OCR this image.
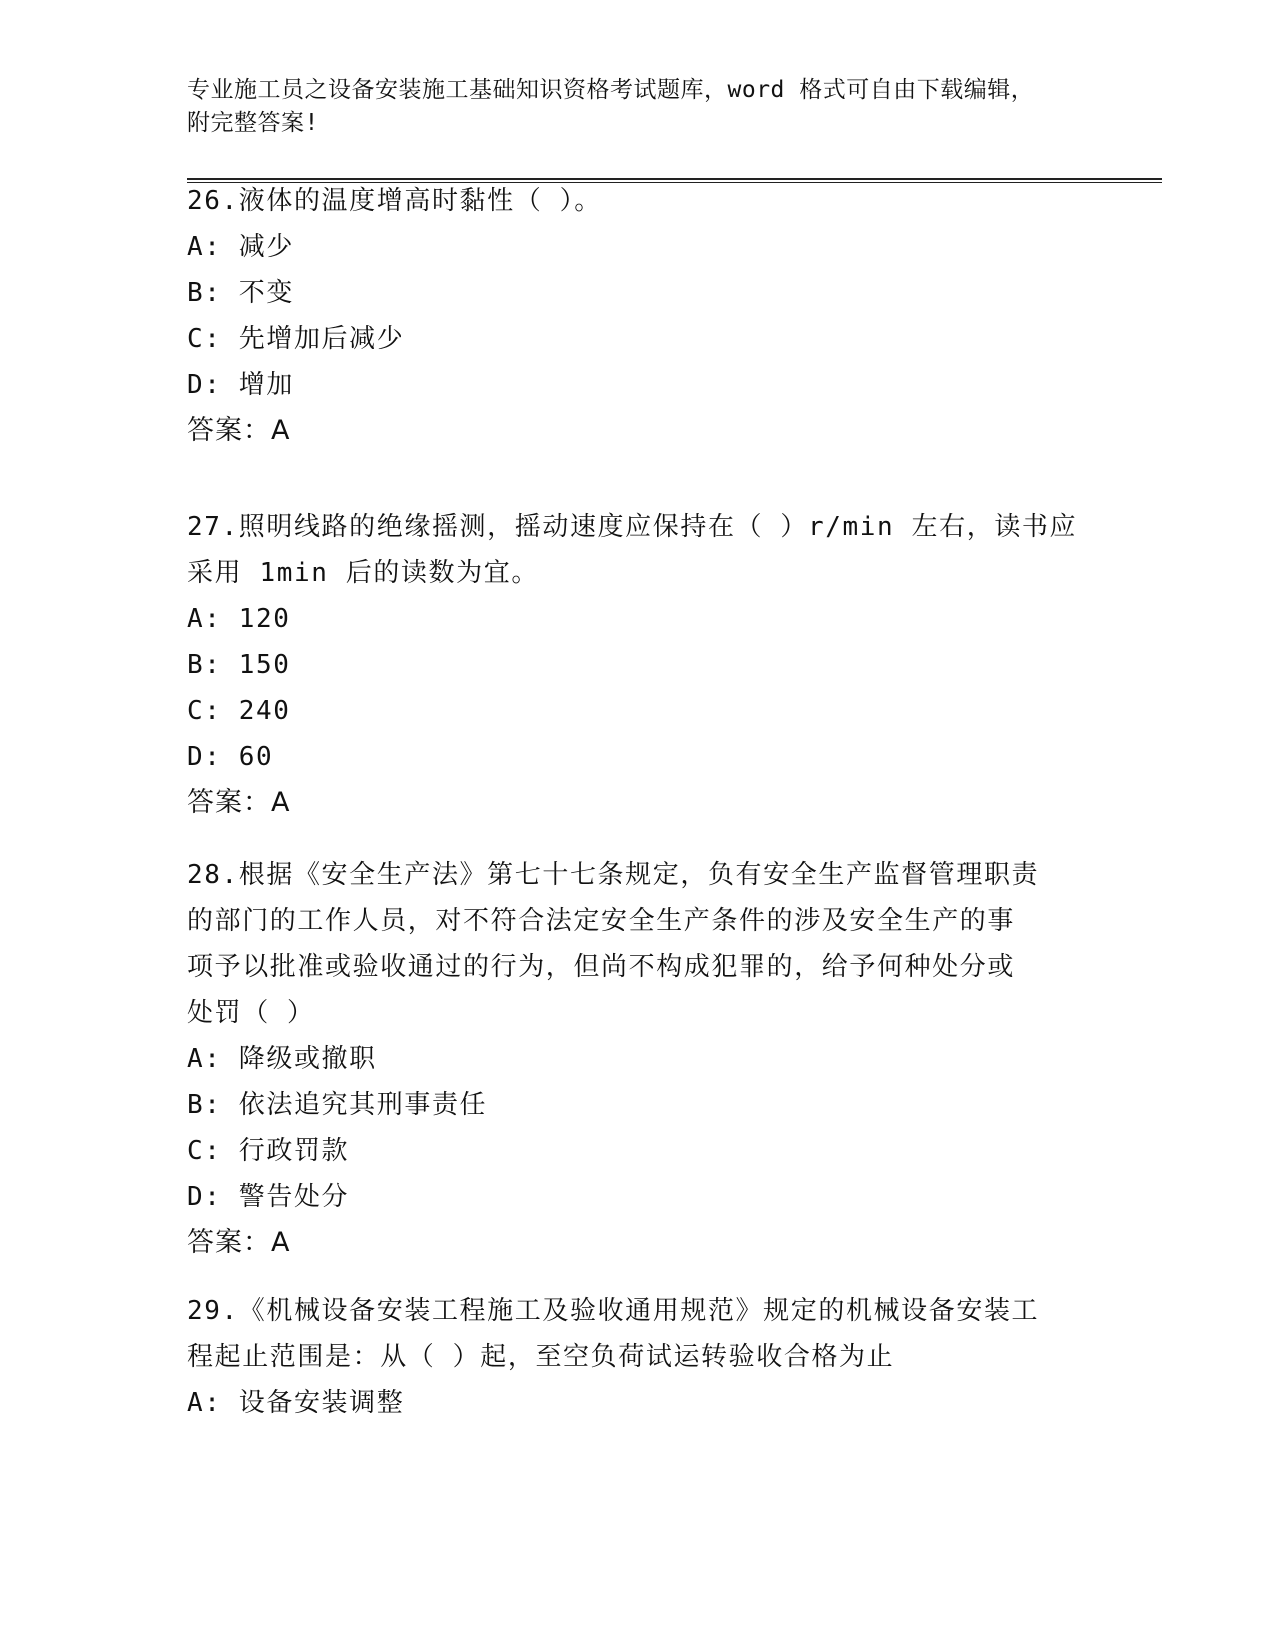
专业施工员之设备安装施工基础知识资格考试题库，word 格式可自由下载编辑，
附完整答案!

26.液体的温度增高时黏性（ ）。

A: 减少

B: 不变

C: 先增加后减少

D: 增加

答案：A

27.照明线路的绝缘摇测，摇动速度应保持在（ ）r/min 左右，读书应

采用 1min 后的读数为宜。

A: 120

B: 150

C: 240

D: 60

答案：A

28.根据《安全生产法》第七十七条规定，负有安全生产监督管理职责

的部门的工作人员，对不符合法定安全生产条件的涉及安全生产的事

项予以批准或验收通过的行为，但尚不构成犯罪的，给予何种处分或

处罚（ ）

A: 降级或撤职

B: 依法追究其刑事责任

C: 行政罚款

D: 警告处分

答案：A

29.《机械设备安装工程施工及验收通用规范》规定的机械设备安装工

程起止范围是：从（ ）起，至空负荷试运转验收合格为止

A: 设备安装调整
